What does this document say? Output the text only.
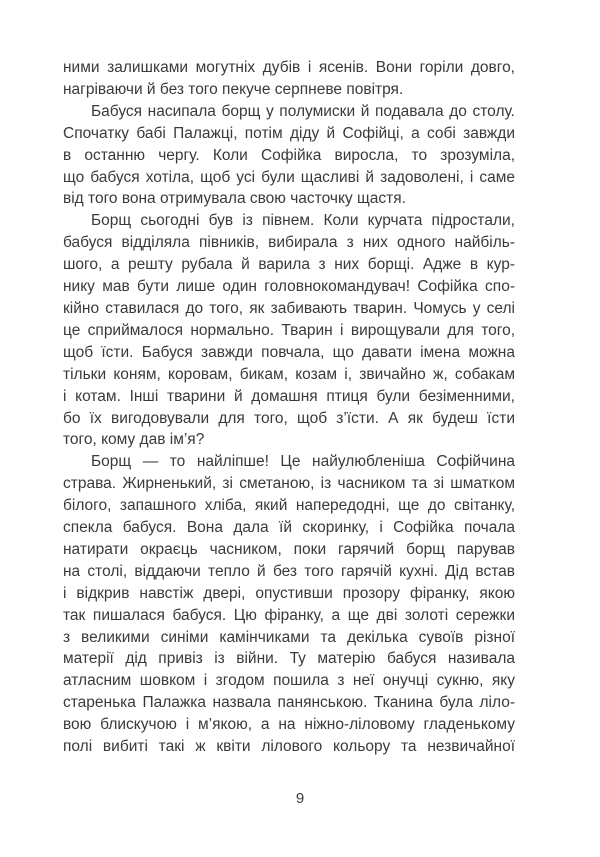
ними залишками могутніх дубів і ясенів. Вони горіли довго,
нагріваючи й без того пекуче серпневе повітря.
Бабуся насипала борщ у полумиски й подавала до столу.
Спочатку бабі Палажці, потім діду й Софійці, а собі завжди
в останню чергу. Коли Софійка виросла, то зрозуміла,
що бабуся хотіла, щоб усі були щасливі й задоволені, і саме
від того вона отримувала свою часточку щастя.
Борщ сьогодні був із півнем. Коли курчата підростали,
бабуся відділяла півників, вибирала з них одного найбіль-
шого, а решту рубала й варила з них борщі. Адже в кур-
нику мав бути лише один головнокомандувач! Софійка спо-
кійно ставилася до того, як забивають тварин. Чомусь у селі
це сприймалося нормально. Тварин і вирощували для того,
щоб їсти. Бабуся завжди повчала, що давати імена можна
тільки коням, коровам, бикам, козам і, звичайно ж, собакам
і котам. Інші тварини й домашня птиця були безіменними,
бо їх вигодовували для того, щоб з’їсти. А як будеш їсти
того, кому дав ім’я?
Борщ — то найліпше! Це найулюбленіша Софійчина
страва. Жирненький, зі сметаною, із часником та зі шматком
білого, запашного хліба, який напередодні, ще до світанку,
спекла бабуся. Вона дала їй скоринку, і Софійка почала
натирати окраєць часником, поки гарячий борщ парував
на столі, віддаючи тепло й без того гарячій кухні. Дід встав
і відкрив навстіж двері, опустивши прозору фіранку, якою
так пишалася бабуся. Цю фіранку, а ще дві золоті сережки
з великими синіми камінчиками та декілька сувоїв різної
матерії дід привіз із війни. Ту матерію бабуся називала
атласним шовком і згодом пошила з неї онучці сукню, яку
старенька Палажка назвала панянською. Тканина була ліло-
вою блискучою і м’якою, а на ніжно-ліловому гладенькому
полі вибиті такі ж квіти лілового кольору та незвичайної
9
